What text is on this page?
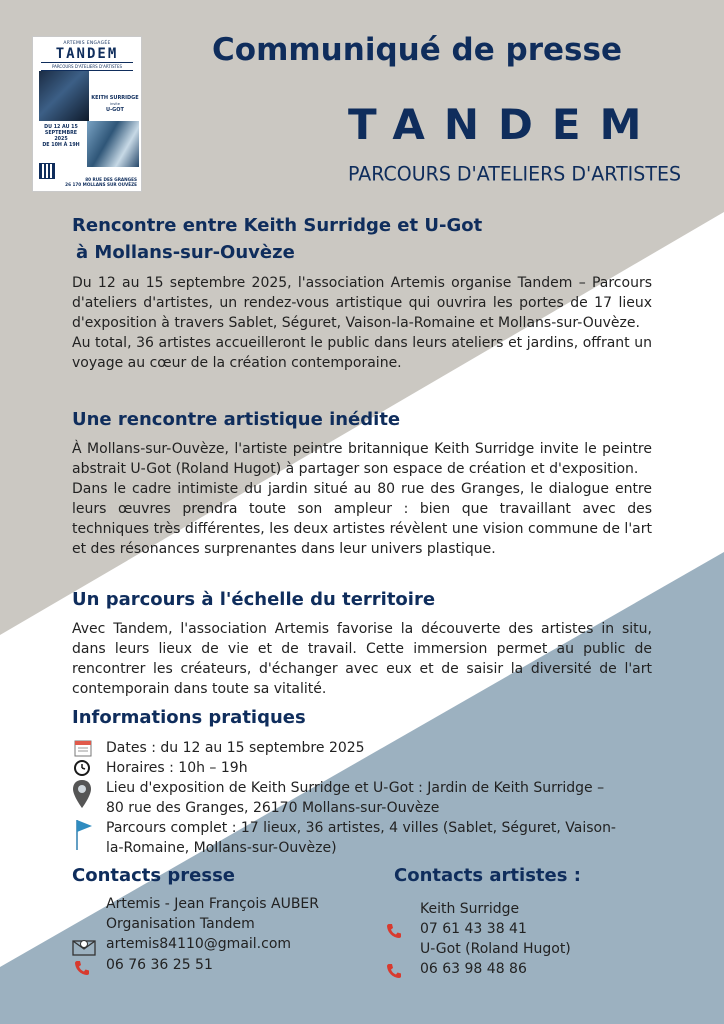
ARTEMIS ENGAGÉE
TANDEM
PARCOURS D'ATELIERS D'ARTISTES
KEITH SURRIDGE
invite
U-GOT
DU 12 AU 15
SEPTEMBRE
2025
DE 10H À 19H
80 RUE DES GRANGES
26 170 MOLLANS SUR OUVÈZE
Communiqué de presse
TANDEM
PARCOURS D'ATELIERS D'ARTISTES
Rencontre entre Keith Surridge et U-Got
à Mollans-sur-Ouvèze

Du 12 au 15 septembre 2025, l'association Artemis organise Tandem – Parcours d'ateliers d'artistes, un rendez-vous artistique qui ouvrira les portes de 17 lieux d'exposition à travers Sablet, Séguret, Vaison-la-Romaine et Mollans-sur-Ouvèze.

Au total, 36 artistes accueilleront le public dans leurs ateliers et jardins, offrant un voyage au cœur de la création contemporaine.

Une rencontre artistique inédite

À Mollans-sur-Ouvèze, l'artiste peintre britannique Keith Surridge invite le peintre abstrait U-Got (Roland Hugot) à partager son espace de création et d'exposition.

Dans le cadre intimiste du jardin situé au 80 rue des Granges, le dialogue entre leurs œuvres prendra toute son ampleur : bien que travaillant avec des techniques très différentes, les deux artistes révèlent une vision commune de l'art et des résonances surprenantes dans leur univers plastique.

Un parcours à l'échelle du territoire

Avec Tandem, l'association Artemis favorise la découverte des artistes in situ, dans leurs lieux de vie et de travail. Cette immersion permet au public de rencontrer les créateurs, d'échanger avec eux et de saisir la diversité de l'art contemporain dans toute sa vitalité.

Informations pratiques
Dates : du 12 au 15 septembre 2025
Horaires : 10h – 19h
Lieu d'exposition de Keith Surridge et U-Got : Jardin de Keith Surridge – 80 rue des Granges, 26170 Mollans-sur-Ouvèze
Parcours complet : 17 lieux, 36 artistes, 4 villes (Sablet, Séguret, Vaison-la-Romaine, Mollans-sur-Ouvèze)
Contacts presse
Artemis - Jean François AUBER
Organisation Tandem
artemis84110@gmail.com
06 76 36 25 51
Contacts artistes :
Keith Surridge
07 61 43 38 41
U-Got (Roland Hugot)
06 63 98 48 86
